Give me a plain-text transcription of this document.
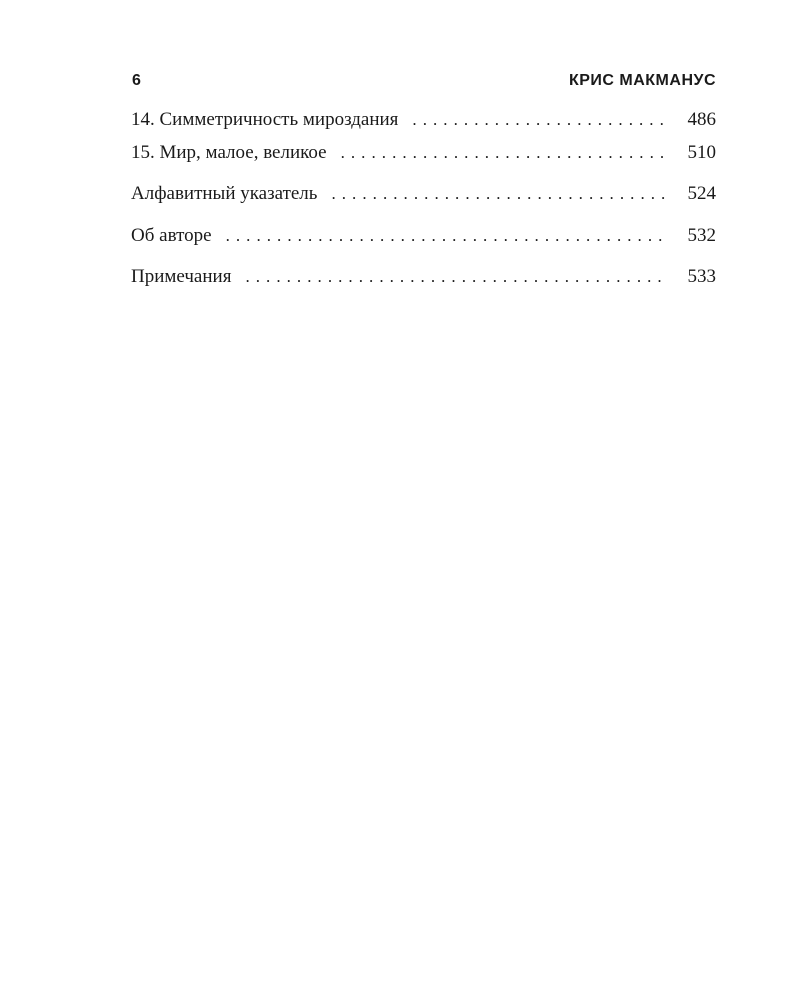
6	КРИС МАКМАНУС
14. Симметричность мироздания . . .	486
15. Мир, малое, великое . . .	510
Алфавитный указатель . . .	524
Об авторе . . .	532
Примечания . . .	533
